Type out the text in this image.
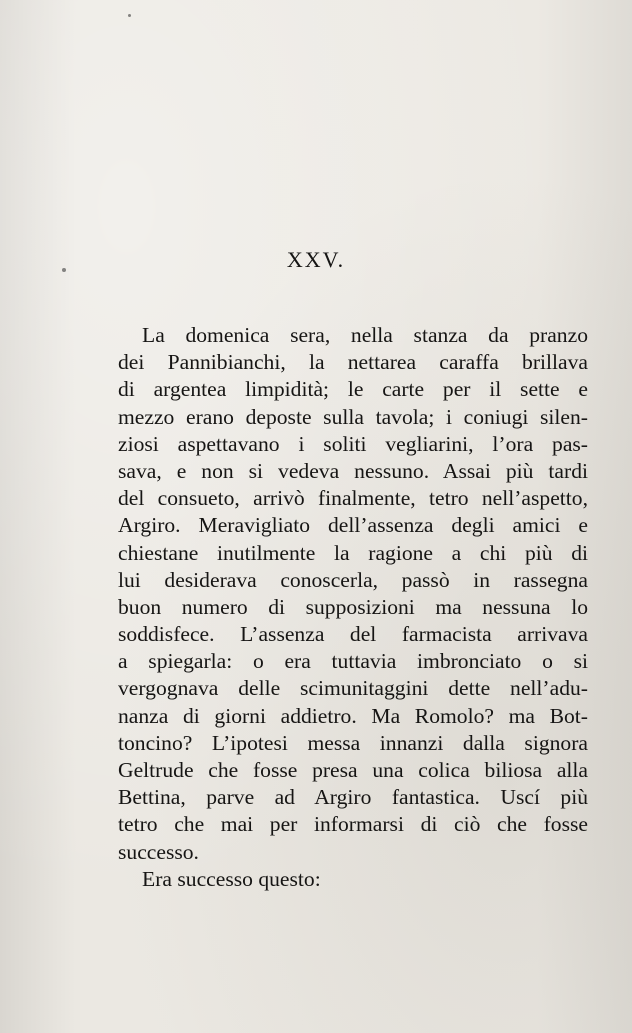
XXV.
La domenica sera, nella stanza da pranzo
dei Pannibianchi, la nettarea caraffa brillava
di argentea limpidità; le carte per il sette e
mezzo erano deposte sulla tavola; i coniugi silen-
ziosi aspettavano i soliti vegliarini, l’ora pas-
sava, e non si vedeva nessuno. Assai più tardi
del consueto, arrivò finalmente, tetro nell’aspetto,
Argiro. Meravigliato dell’assenza degli amici e
chiestane inutilmente la ragione a chi più di
lui desiderava conoscerla, passò in rassegna
buon numero di supposizioni ma nessuna lo
soddisfece. L’assenza del farmacista arrivava
a spiegarla: o era tuttavia imbronciato o si
vergognava delle scimunitaggini dette nell’adu-
nanza di giorni addietro. Ma Romolo? ma Bot-
toncino? L’ipotesi messa innanzi dalla signora
Geltrude che fosse presa una colica biliosa alla
Bettina, parve ad Argiro fantastica. Uscí più
tetro che mai per informarsi di ciò che fosse
successo.
Era successo questo:
